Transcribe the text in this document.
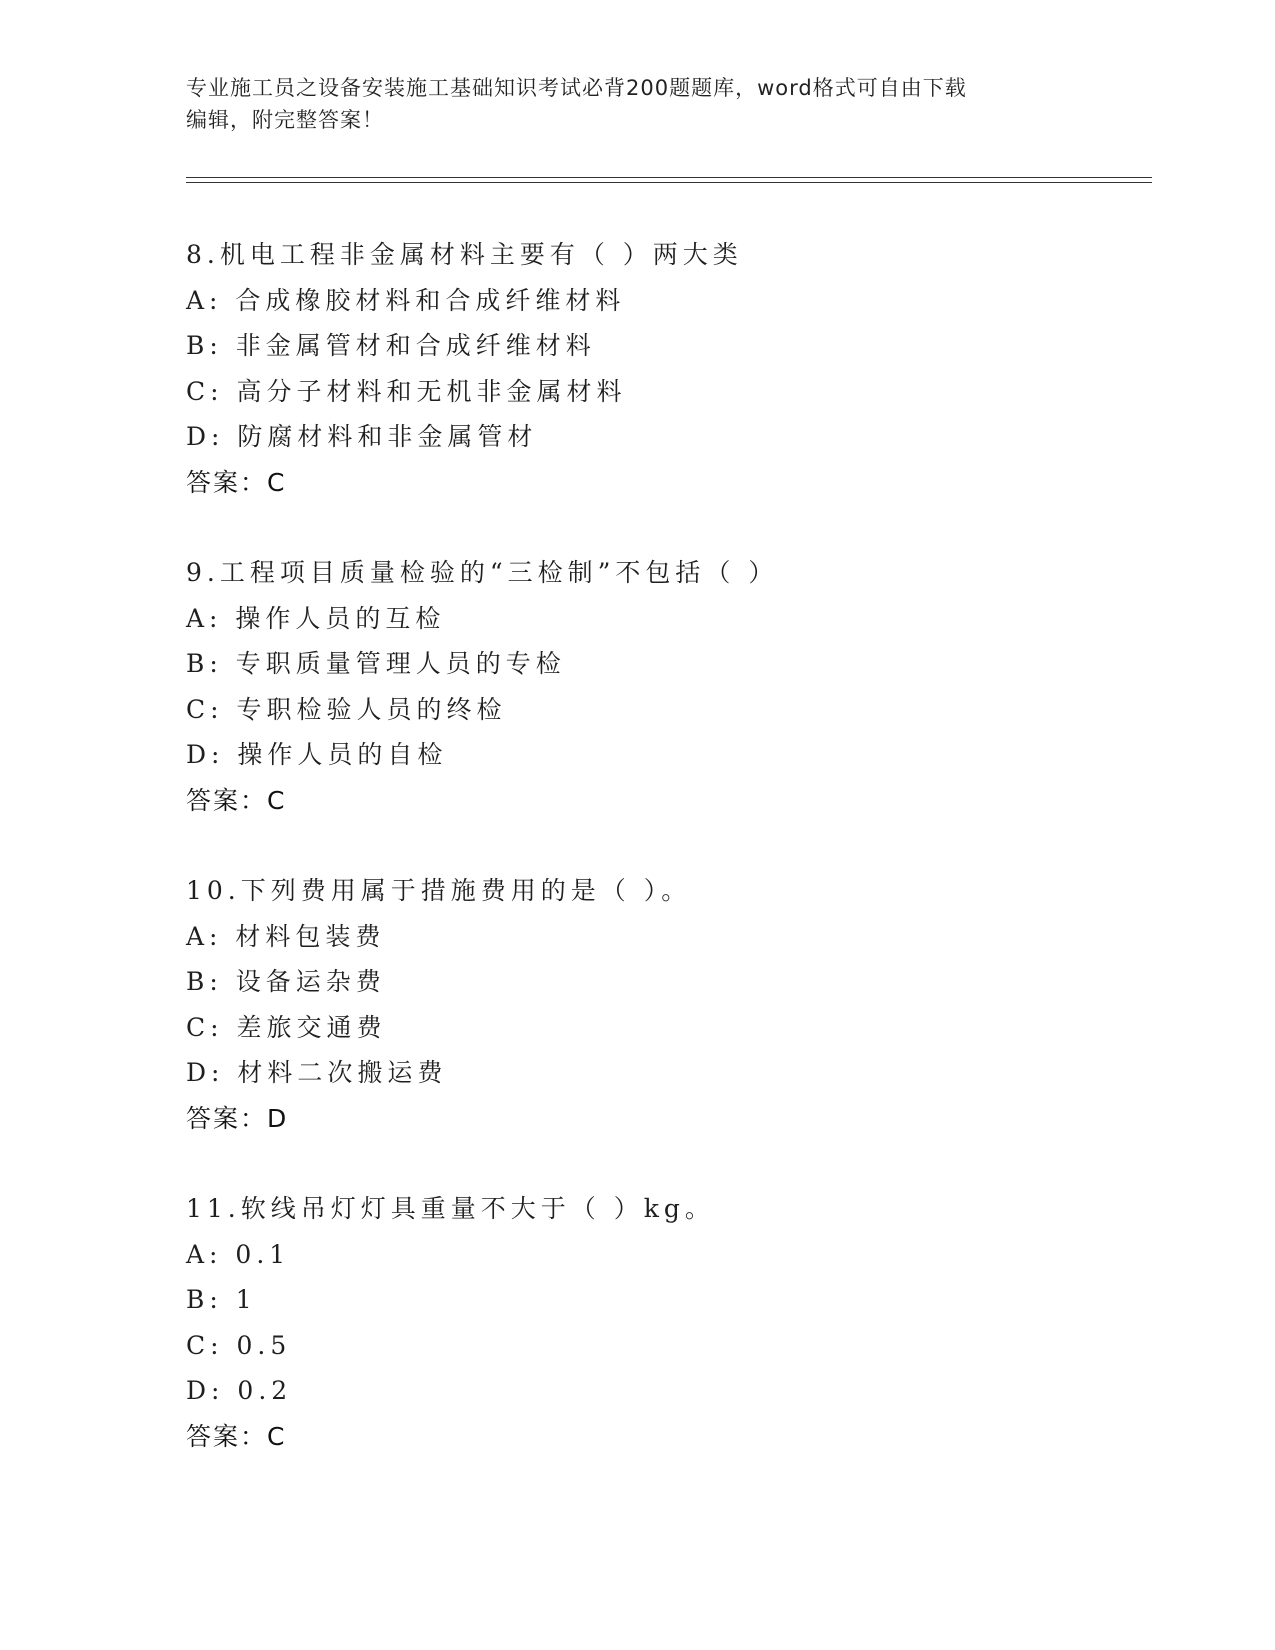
专业施工员之设备安装施工基础知识考试必背200题题库，word格式可自由下载
编辑，附完整答案！
8.机电工程非金属材料主要有（ ）两大类
A: 合成橡胶材料和合成纤维材料
B: 非金属管材和合成纤维材料
C: 高分子材料和无机非金属材料
D: 防腐材料和非金属管材
答案：C
9.工程项目质量检验的“三检制”不包括（ ）
A: 操作人员的互检
B: 专职质量管理人员的专检
C: 专职检验人员的终检
D: 操作人员的自检
答案：C
10.下列费用属于措施费用的是（ ）。
A: 材料包装费
B: 设备运杂费
C: 差旅交通费
D: 材料二次搬运费
答案：D
11.软线吊灯灯具重量不大于（ ）kg。
A: 0.1
B: 1
C: 0.5
D: 0.2
答案：C
